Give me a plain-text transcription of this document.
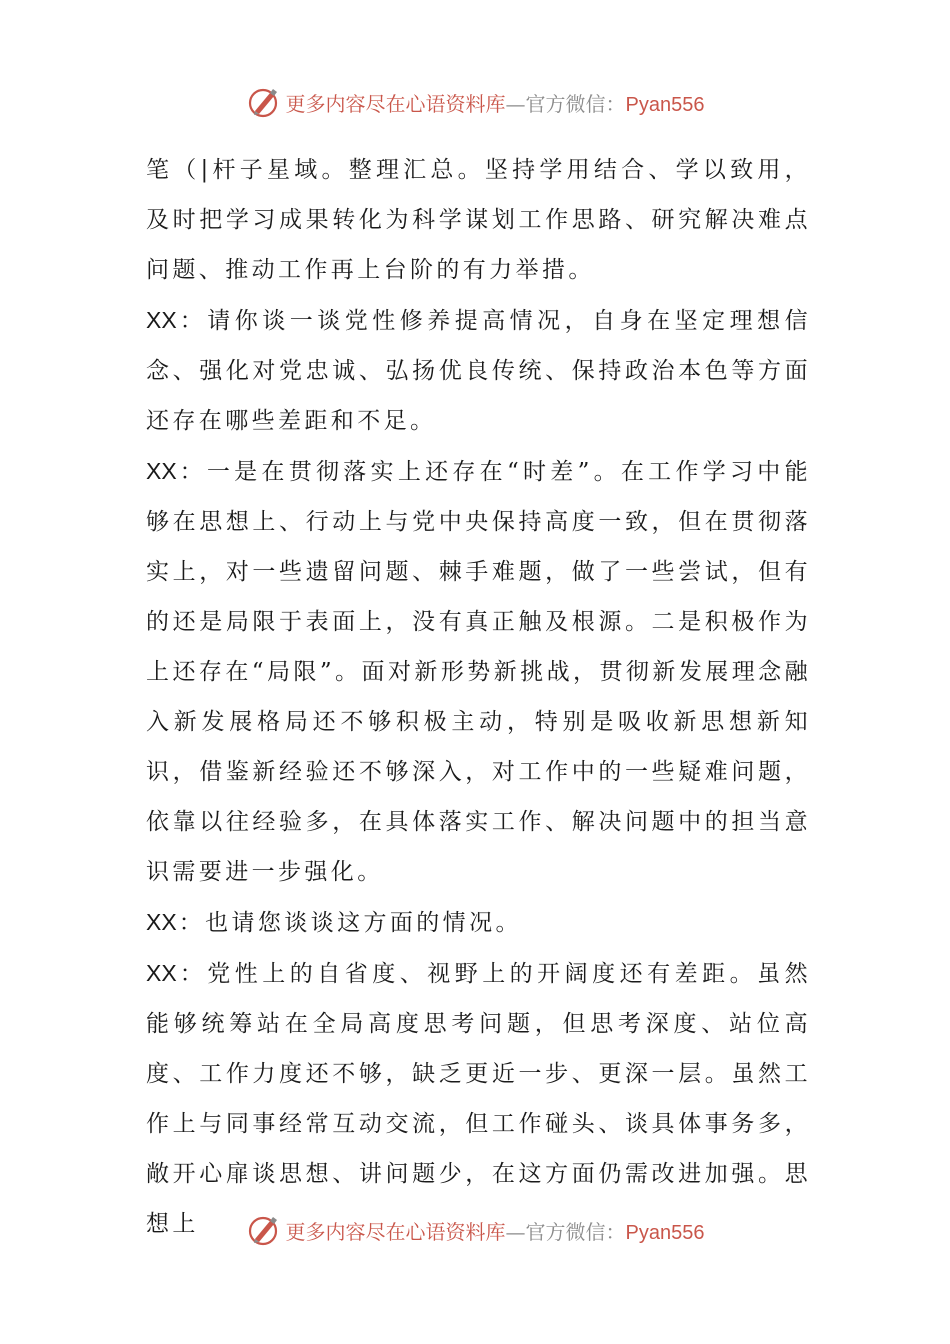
更多内容尽在心语资料库—官方微信：Pyan556

笔（|杆子星域。整理汇总。坚持学用结合、学以致用，及时把学习成果转化为科学谋划工作思路、研究解决难点问题、推动工作再上台阶的有力举措。

XX：请你谈一谈党性修养提高情况，自身在坚定理想信念、强化对党忠诚、弘扬优良传统、保持政治本色等方面还存在哪些差距和不足。

XX：一是在贯彻落实上还存在“时差”。在工作学习中能够在思想上、行动上与党中央保持高度一致，但在贯彻落实上，对一些遗留问题、棘手难题，做了一些尝试，但有的还是局限于表面上，没有真正触及根源。二是积极作为上还存在“局限”。面对新形势新挑战，贯彻新发展理念融入新发展格局还不够积极主动，特别是吸收新思想新知识，借鉴新经验还不够深入，对工作中的一些疑难问题，依靠以往经验多，在具体落实工作、解决问题中的担当意识需要进一步强化。

XX：也请您谈谈这方面的情况。

XX：党性上的自省度、视野上的开阔度还有差距。虽然能够统筹站在全局高度思考问题，但思考深度、站位高度、工作力度还不够，缺乏更近一步、更深一层。虽然工作上与同事经常互动交流，但工作碰头、谈具体事务多，敞开心扉谈思想、讲问题少，在这方面仍需改进加强。思想上	更多内容尽在心语资料库—官方微信：Pyan556
